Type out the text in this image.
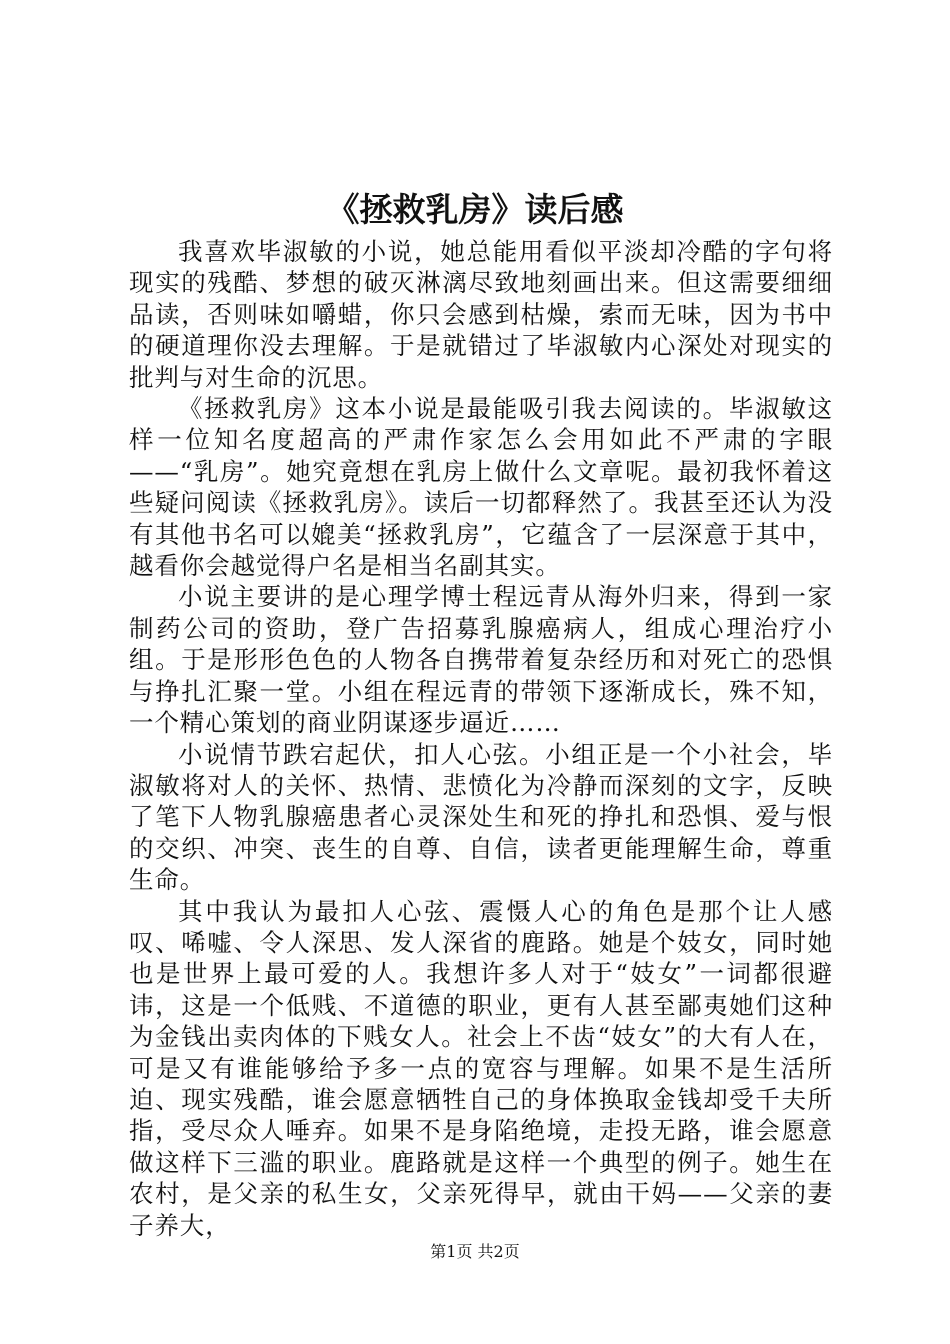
《拯救乳房》读后感

我喜欢毕淑敏的小说，她总能用看似平淡却冷酷的字句将现实的残酷、梦想的破灭淋漓尽致地刻画出来。但这需要细细品读，否则味如嚼蜡，你只会感到枯燥，索而无味，因为书中的硬道理你没去理解。于是就错过了毕淑敏内心深处对现实的批判与对生命的沉思。

《拯救乳房》这本小说是最能吸引我去阅读的。毕淑敏这样一位知名度超高的严肃作家怎么会用如此不严肃的字眼——“乳房”。她究竟想在乳房上做什么文章呢。最初我怀着这些疑问阅读《拯救乳房》。读后一切都释然了。我甚至还认为没有其他书名可以媲美“拯救乳房”，它蕴含了一层深意于其中，越看你会越觉得户名是相当名副其实。

小说主要讲的是心理学博士程远青从海外归来，得到一家制药公司的资助，登广告招募乳腺癌病人，组成心理治疗小组。于是形形色色的人物各自携带着复杂经历和对死亡的恐惧与挣扎汇聚一堂。小组在程远青的带领下逐渐成长，殊不知，一个精心策划的商业阴谋逐步逼近……

小说情节跌宕起伏，扣人心弦。小组正是一个小社会，毕淑敏将对人的关怀、热情、悲愤化为冷静而深刻的文字，反映了笔下人物乳腺癌患者心灵深处生和死的挣扎和恐惧、爱与恨的交织、冲突、丧生的自尊、自信，读者更能理解生命，尊重生命。

其中我认为最扣人心弦、震慑人心的角色是那个让人感叹、唏嘘、令人深思、发人深省的鹿路。她是个妓女，同时她也是世界上最可爱的人。我想许多人对于“妓女”一词都很避讳，这是一个低贱、不道德的职业，更有人甚至鄙夷她们这种为金钱出卖肉体的下贱女人。社会上不齿“妓女”的大有人在，可是又有谁能够给予多一点的宽容与理解。如果不是生活所迫、现实残酷，谁会愿意牺牲自己的身体换取金钱却受千夫所指，受尽众人唾弃。如果不是身陷绝境，走投无路，谁会愿意做这样下三滥的职业。鹿路就是这样一个典型的例子。她生在农村，是父亲的私生女，父亲死得早，就由干妈——父亲的妻子养大，

第1页 共2页
